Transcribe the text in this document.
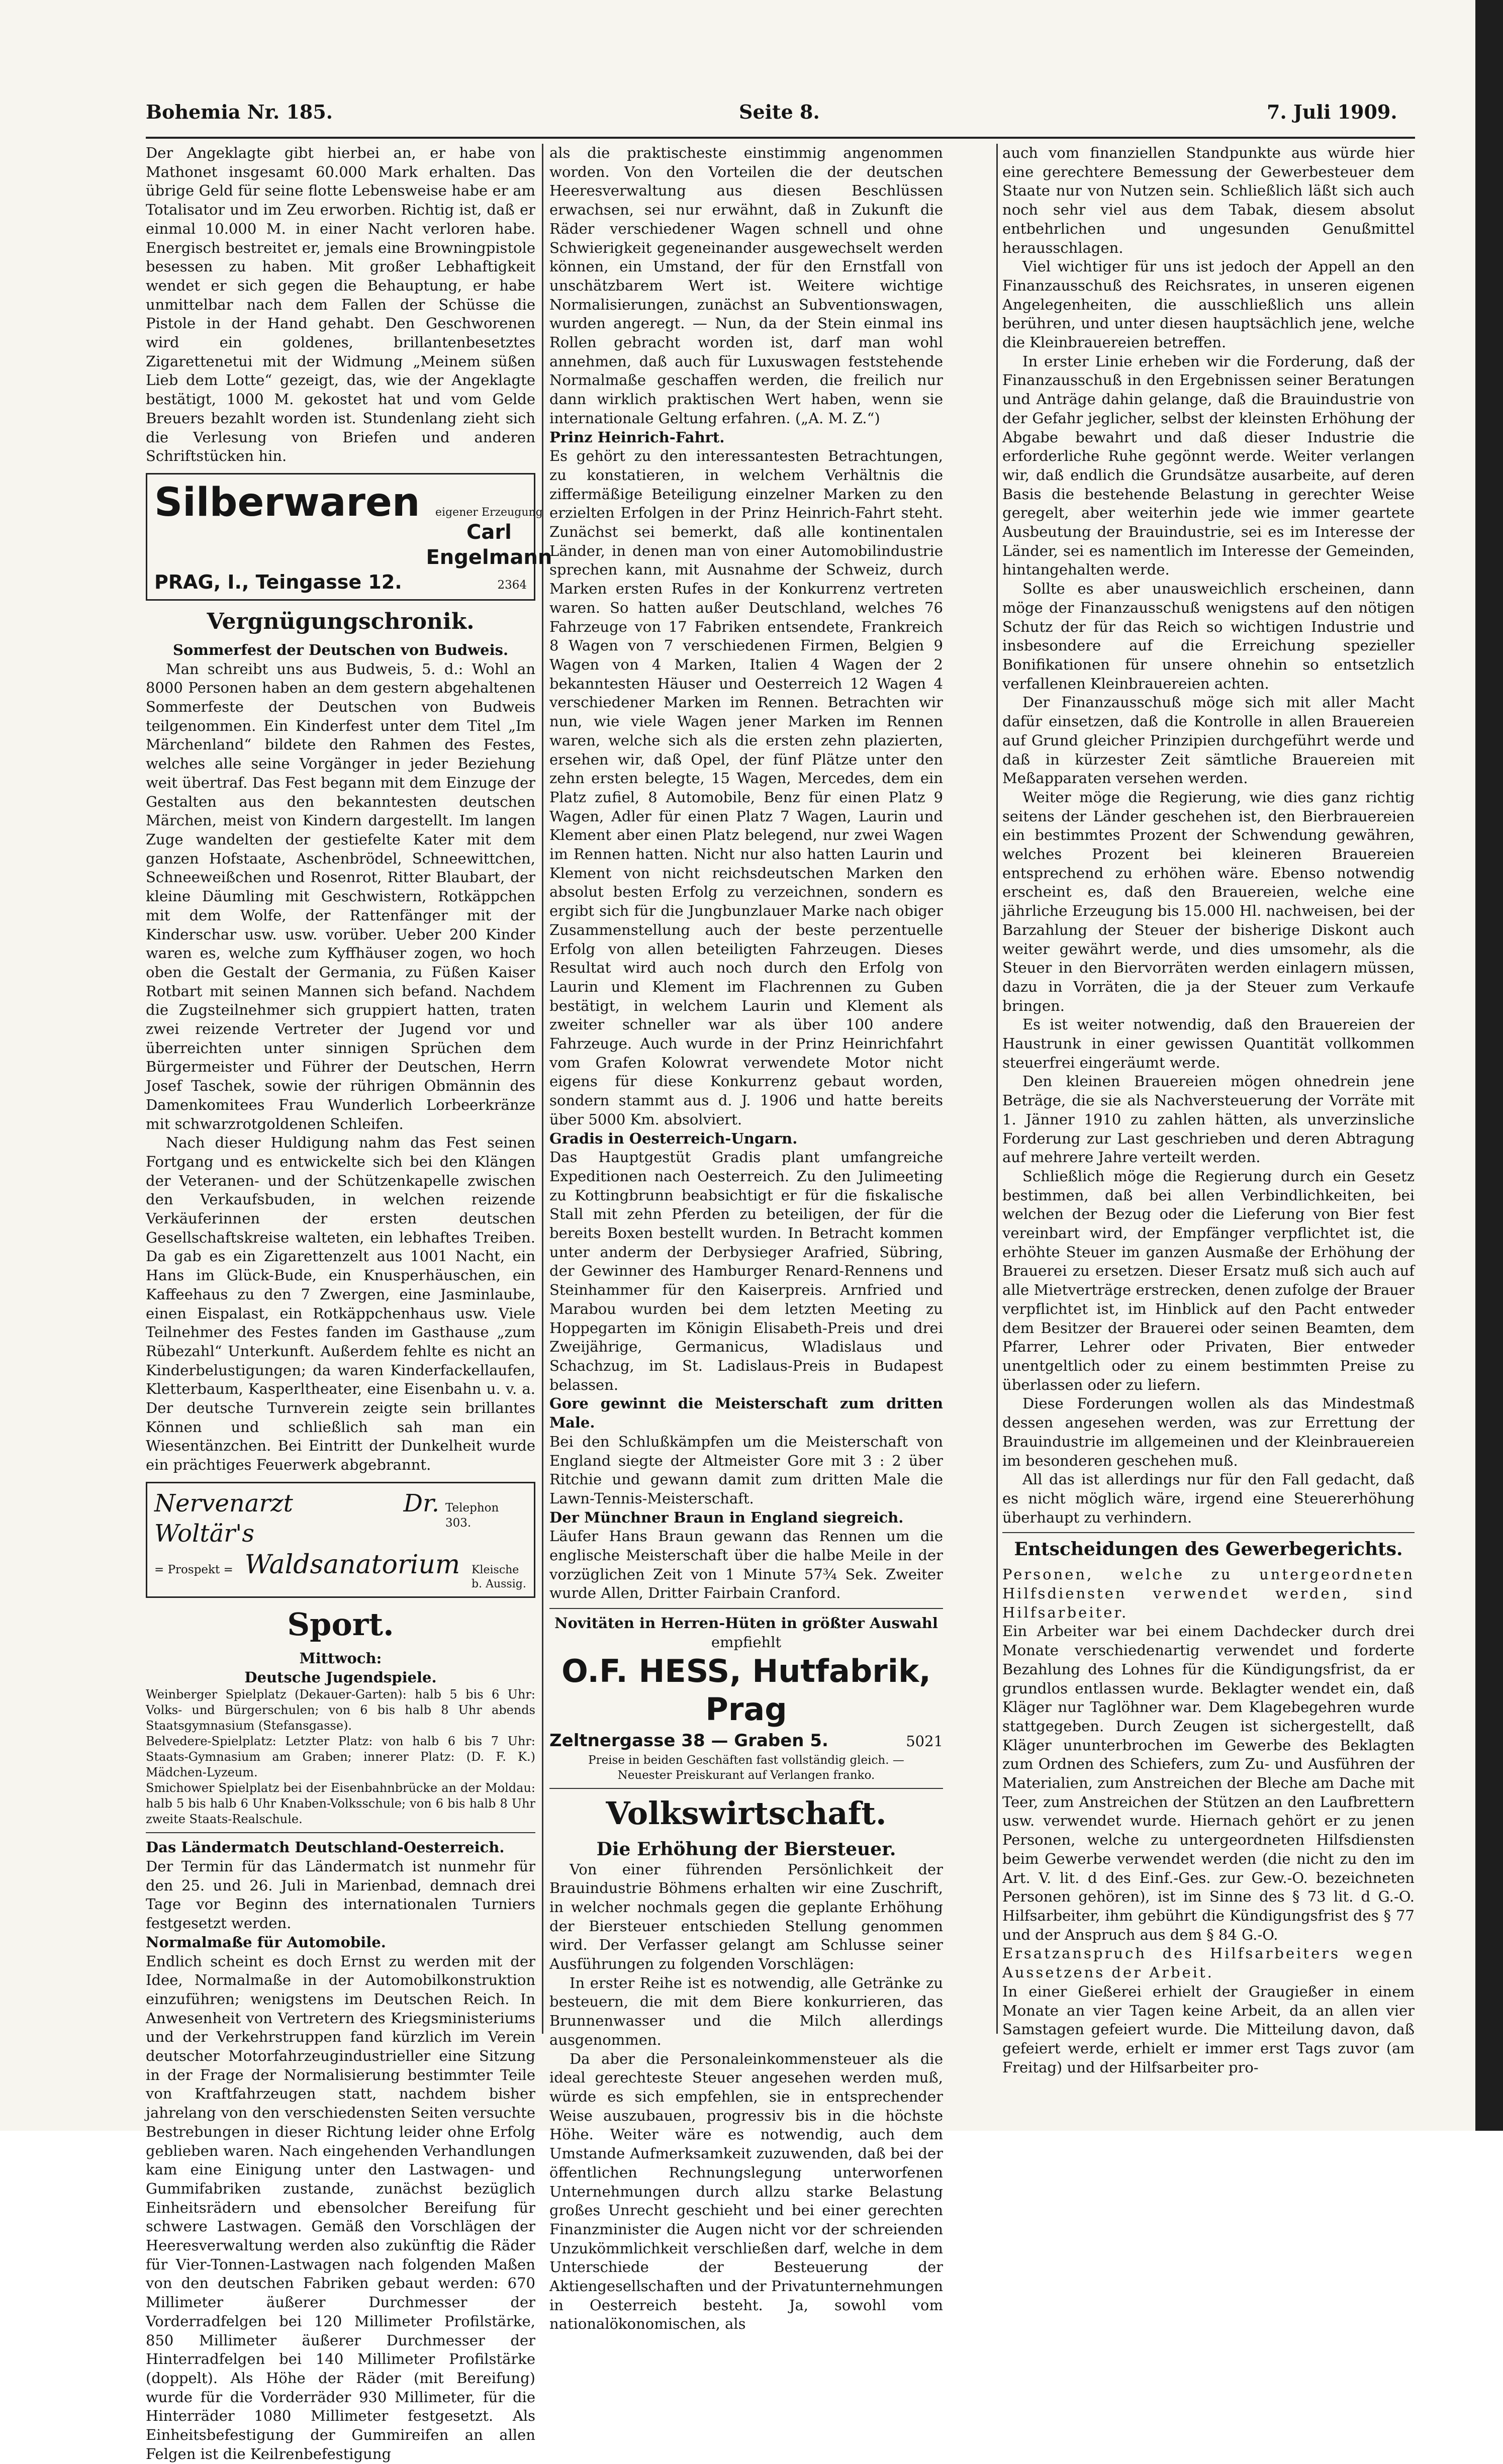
Bohemia Nr. 185.	Seite 8.	7. Juli 1909.

Der Angeklagte gibt hierbei an, er habe von Mathonet insgesamt 60.000 Mark erhalten. Das übrige Geld für seine flotte Lebensweise habe er am Totalisator und im Zeu erworben. Richtig ist, daß er einmal 10.000 M. in einer Nacht verloren habe. Energisch bestreitet er, jemals eine Browningpistole besessen zu haben. Mit großer Lebhaftigkeit wendet er sich gegen die Behauptung, er habe unmittelbar nach dem Fallen der Schüsse die Pistole in der Hand gehabt. Den Geschworenen wird ein goldenes, brillantenbesetztes Zigarettenetui mit der Widmung „Meinem süßen Lieb dem Lotte“ gezeigt, das, wie der Angeklagte bestätigt, 1000 M. gekostet hat und vom Gelde Breuers bezahlt worden ist. Stundenlang zieht sich die Verlesung von Briefen und anderen Schriftstücken hin.

Silberwaren	eigener Erzeugung
Carl Engelmann
PRAG, I., Teingasse 12.	2364

Vergnügungschronik.

Sommerfest der Deutschen von Budweis.

Man schreibt uns aus Budweis, 5. d.: Wohl an 8000 Personen haben an dem gestern abgehaltenen Sommerfeste der Deutschen von Budweis teilgenommen. Ein Kinderfest unter dem Titel „Im Märchenland“ bildete den Rahmen des Festes, welches alle seine Vorgänger in jeder Beziehung weit übertraf. Das Fest begann mit dem Einzuge der Gestalten aus den bekanntesten deutschen Märchen, meist von Kindern dargestellt. Im langen Zuge wandelten der gestiefelte Kater mit dem ganzen Hofstaate, Aschenbrödel, Schneewittchen, Schneeweißchen und Rosenrot, Ritter Blaubart, der kleine Däumling mit Geschwistern, Rotkäppchen mit dem Wolfe, der Rattenfänger mit der Kinderschar usw. usw. vorüber. Ueber 200 Kinder waren es, welche zum Kyffhäuser zogen, wo hoch oben die Gestalt der Germania, zu Füßen Kaiser Rotbart mit seinen Mannen sich befand. Nachdem die Zugsteilnehmer sich gruppiert hatten, traten zwei reizende Vertreter der Jugend vor und überreichten unter sinnigen Sprüchen dem Bürgermeister und Führer der Deutschen, Herrn Josef Taschek, sowie der rührigen Obmännin des Damenkomitees Frau Wunderlich Lorbeerkränze mit schwarzrotgoldenen Schleifen.

Nach dieser Huldigung nahm das Fest seinen Fortgang und es entwickelte sich bei den Klängen der Veteranen- und der Schützenkapelle zwischen den Verkaufsbuden, in welchen reizende Verkäuferinnen der ersten deutschen Gesellschaftskreise walteten, ein lebhaftes Treiben. Da gab es ein Zigarettenzelt aus 1001 Nacht, ein Hans im Glück-Bude, ein Knusperhäuschen, ein Kaffeehaus zu den 7 Zwergen, eine Jasminlaube, einen Eispalast, ein Rotkäppchenhaus usw. Viele Teilnehmer des Festes fanden im Gasthause „zum Rübezahl“ Unterkunft. Außerdem fehlte es nicht an Kinderbelustigungen; da waren Kinderfackellaufen, Kletterbaum, Kasperltheater, eine Eisenbahn u. v. a. Der deutsche Turnverein zeigte sein brillantes Können und schließlich sah man ein Wiesentänzchen. Bei Eintritt der Dunkelheit wurde ein prächtiges Feuerwerk abgebrannt.

Nervenarzt Dr. Woltär's
Telephon 303.
= Prospekt = Waldsanatorium Kleische b. Aussig.

Sport.

Mittwoch:

Deutsche Jugendspiele.

Weinberger Spielplatz (Dekauer-Garten): halb 5 bis 6 Uhr: Volks- und Bürgerschulen; von 6 bis halb 8 Uhr abends Staatsgymnasium (Stefansgasse).

Belvedere-Spielplatz: Letzter Platz: von halb 6 bis 7 Uhr: Staats-Gymnasium am Graben; innerer Platz: (D. F. K.) Mädchen-Lyzeum.

Smichower Spielplatz bei der Eisenbahnbrücke an der Moldau: halb 5 bis halb 6 Uhr Knaben-Volksschule; von 6 bis halb 8 Uhr zweite Staats-Realschule.

Das Ländermatch Deutschland-Oesterreich.

Der Termin für das Ländermatch ist nunmehr für den 25. und 26. Juli in Marienbad, demnach drei Tage vor Beginn des internationalen Turniers festgesetzt werden.

Normalmaße für Automobile.

Endlich scheint es doch Ernst zu werden mit der Idee, Normalmaße in der Automobilkonstruktion einzuführen; wenigstens im Deutschen Reich. In Anwesenheit von Vertretern des Kriegsministeriums und der Verkehrstruppen fand kürzlich im Verein deutscher Motorfahrzeugindustrieller eine Sitzung in der Frage der Normalisierung bestimmter Teile von Kraftfahrzeugen statt, nachdem bisher jahrelang von den verschiedensten Seiten versuchte Bestrebungen in dieser Richtung leider ohne Erfolg geblieben waren. Nach eingehenden Verhandlungen kam eine Einigung unter den Lastwagen- und Gummifabriken zustande, zunächst bezüglich Einheitsrädern und ebensolcher Bereifung für schwere Lastwagen. Gemäß den Vorschlägen der Heeresverwaltung werden also zukünftig die Räder für Vier-Tonnen-Lastwagen nach folgenden Maßen von den deutschen Fabriken gebaut werden: 670 Millimeter äußerer Durchmesser der Vorderradfelgen bei 120 Millimeter Profilstärke, 850 Millimeter äußerer Durchmesser der Hinterradfelgen bei 140 Millimeter Profilstärke (doppelt). Als Höhe der Räder (mit Bereifung) wurde für die Vorderräder 930 Millimeter, für die Hinterräder 1080 Millimeter festgesetzt. Als Einheitsbefestigung der Gummireifen an allen Felgen ist die Keilrenbefestigung

als die praktischeste einstimmig angenommen worden. Von den Vorteilen die der deutschen Heeresverwaltung aus diesen Beschlüssen erwachsen, sei nur erwähnt, daß in Zukunft die Räder verschiedener Wagen schnell und ohne Schwierigkeit gegeneinander ausgewechselt werden können, ein Umstand, der für den Ernstfall von unschätzbarem Wert ist. Weitere wichtige Normalisierungen, zunächst an Subventionswagen, wurden angeregt. — Nun, da der Stein einmal ins Rollen gebracht worden ist, darf man wohl annehmen, daß auch für Luxuswagen feststehende Normalmaße geschaffen werden, die freilich nur dann wirklich praktischen Wert haben, wenn sie internationale Geltung erfahren. („A. M. Z.“)

Prinz Heinrich-Fahrt.

Es gehört zu den interessantesten Betrachtungen, zu konstatieren, in welchem Verhältnis die ziffermäßige Beteiligung einzelner Marken zu den erzielten Erfolgen in der Prinz Heinrich-Fahrt steht. Zunächst sei bemerkt, daß alle kontinentalen Länder, in denen man von einer Automobilindustrie sprechen kann, mit Ausnahme der Schweiz, durch Marken ersten Rufes in der Konkurrenz vertreten waren. So hatten außer Deutschland, welches 76 Fahrzeuge von 17 Fabriken entsendete, Frankreich 8 Wagen von 7 verschiedenen Firmen, Belgien 9 Wagen von 4 Marken, Italien 4 Wagen der 2 bekanntesten Häuser und Oesterreich 12 Wagen 4 verschiedener Marken im Rennen. Betrachten wir nun, wie viele Wagen jener Marken im Rennen waren, welche sich als die ersten zehn plazierten, ersehen wir, daß Opel, der fünf Plätze unter den zehn ersten belegte, 15 Wagen, Mercedes, dem ein Platz zufiel, 8 Automobile, Benz für einen Platz 9 Wagen, Adler für einen Platz 7 Wagen, Laurin und Klement aber einen Platz belegend, nur zwei Wagen im Rennen hatten. Nicht nur also hatten Laurin und Klement von nicht reichsdeutschen Marken den absolut besten Erfolg zu verzeichnen, sondern es ergibt sich für die Jungbunzlauer Marke nach obiger Zusammenstellung auch der beste perzentuelle Erfolg von allen beteiligten Fahrzeugen. Dieses Resultat wird auch noch durch den Erfolg von Laurin und Klement im Flachrennen zu Guben bestätigt, in welchem Laurin und Klement als zweiter schneller war als über 100 andere Fahrzeuge. Auch wurde in der Prinz Heinrichfahrt vom Grafen Kolowrat verwendete Motor nicht eigens für diese Konkurrenz gebaut worden, sondern stammt aus d. J. 1906 und hatte bereits über 5000 Km. absolviert.

Gradis in Oesterreich-Ungarn.

Das Hauptgestüt Gradis plant umfangreiche Expeditionen nach Oesterreich. Zu den Julimeeting zu Kottingbrunn beabsichtigt er für die fiskalische Stall mit zehn Pferden zu beteiligen, der für die bereits Boxen bestellt wurden. In Betracht kommen unter anderm der Derbysieger Arafried, Sübring, der Gewinner des Hamburger Renard-Rennens und Steinhammer für den Kaiserpreis. Arnfried und Marabou wurden bei dem letzten Meeting zu Hoppegarten im Königin Elisabeth-Preis und drei Zweijährige, Germanicus, Wladislaus und Schachzug, im St. Ladislaus-Preis in Budapest belassen.

Gore gewinnt die Meisterschaft zum dritten Male.

Bei den Schlußkämpfen um die Meisterschaft von England siegte der Altmeister Gore mit 3 : 2 über Ritchie und gewann damit zum dritten Male die Lawn-Tennis-Meisterschaft.

Der Münchner Braun in England siegreich.

Läufer Hans Braun gewann das Rennen um die englische Meisterschaft über die halbe Meile in der vorzüglichen Zeit von 1 Minute 57¾ Sek. Zweiter wurde Allen, Dritter Fairbain Cranford.

Novitäten in Herren-Hüten in größter Auswahl

empfiehlt

O.F. HESS, Hutfabrik, Prag

Zeltnergasse 38 — Graben 5.	5021

Preise in beiden Geschäften fast vollständig gleich. —

Neuester Preiskurant auf Verlangen franko.

Volkswirtschaft.

Die Erhöhung der Biersteuer.

Von einer führenden Persönlichkeit der Brauindustrie Böhmens erhalten wir eine Zuschrift, in welcher nochmals gegen die geplante Erhöhung der Biersteuer entschieden Stellung genommen wird. Der Verfasser gelangt am Schlusse seiner Ausführungen zu folgenden Vorschlägen:

In erster Reihe ist es notwendig, alle Getränke zu besteuern, die mit dem Biere konkurrieren, das Brunnenwasser und die Milch allerdings ausgenommen.

Da aber die Personaleinkommensteuer als die ideal gerechteste Steuer angesehen werden muß, würde es sich empfehlen, sie in entsprechender Weise auszubauen, progressiv bis in die höchste Höhe. Weiter wäre es notwendig, auch dem Umstande Aufmerksamkeit zuzuwenden, daß bei der öffentlichen Rechnungslegung unterworfenen Unternehmungen durch allzu starke Belastung großes Unrecht geschieht und bei einer gerechten Finanzminister die Augen nicht vor der schreienden Unzukömmlichkeit verschließen darf, welche in dem Unterschiede der Besteuerung der Aktiengesellschaften und der Privatunternehmungen in Oesterreich besteht. Ja, sowohl vom nationalökonomischen, als

auch vom finanziellen Standpunkte aus würde hier eine gerechtere Bemessung der Gewerbesteuer dem Staate nur von Nutzen sein. Schließlich läßt sich auch noch sehr viel aus dem Tabak, diesem absolut entbehrlichen und ungesunden Genußmittel herausschlagen.

Viel wichtiger für uns ist jedoch der Appell an den Finanzausschuß des Reichsrates, in unseren eigenen Angelegenheiten, die ausschließlich uns allein berühren, und unter diesen hauptsächlich jene, welche die Kleinbrauereien betreffen.

In erster Linie erheben wir die Forderung, daß der Finanzausschuß in den Ergebnissen seiner Beratungen und Anträge dahin gelange, daß die Brauindustrie von der Gefahr jeglicher, selbst der kleinsten Erhöhung der Abgabe bewahrt und daß dieser Industrie die erforderliche Ruhe gegönnt werde. Weiter verlangen wir, daß endlich die Grundsätze ausarbeite, auf deren Basis die bestehende Belastung in gerechter Weise geregelt, aber weiterhin jede wie immer geartete Ausbeutung der Brauindustrie, sei es im Interesse der Länder, sei es namentlich im Interesse der Gemeinden, hintangehalten werde.

Sollte es aber unausweichlich erscheinen, dann möge der Finanzausschuß wenigstens auf den nötigen Schutz der für das Reich so wichtigen Industrie und insbesondere auf die Erreichung spezieller Bonifikationen für unsere ohnehin so entsetzlich verfallenen Kleinbrauereien achten.

Der Finanzausschuß möge sich mit aller Macht dafür einsetzen, daß die Kontrolle in allen Brauereien auf Grund gleicher Prinzipien durchgeführt werde und daß in kürzester Zeit sämtliche Brauereien mit Meßapparaten versehen werden.

Weiter möge die Regierung, wie dies ganz richtig seitens der Länder geschehen ist, den Bierbrauereien ein bestimmtes Prozent der Schwendung gewähren, welches Prozent bei kleineren Brauereien entsprechend zu erhöhen wäre. Ebenso notwendig erscheint es, daß den Brauereien, welche eine jährliche Erzeugung bis 15.000 Hl. nachweisen, bei der Barzahlung der Steuer der bisherige Diskont auch weiter gewährt werde, und dies umsomehr, als die Steuer in den Biervorräten werden einlagern müssen, dazu in Vorräten, die ja der Steuer zum Verkaufe bringen.

Es ist weiter notwendig, daß den Brauereien der Haustrunk in einer gewissen Quantität vollkommen steuerfrei eingeräumt werde.

Den kleinen Brauereien mögen ohnedrein jene Beträge, die sie als Nachversteuerung der Vorräte mit 1. Jänner 1910 zu zahlen hätten, als unverzinsliche Forderung zur Last geschrieben und deren Abtragung auf mehrere Jahre verteilt werden.

Schließlich möge die Regierung durch ein Gesetz bestimmen, daß bei allen Verbindlichkeiten, bei welchen der Bezug oder die Lieferung von Bier fest vereinbart wird, der Empfänger verpflichtet ist, die erhöhte Steuer im ganzen Ausmaße der Erhöhung der Brauerei zu ersetzen. Dieser Ersatz muß sich auch auf alle Mietverträge erstrecken, denen zufolge der Brauer verpflichtet ist, im Hinblick auf den Pacht entweder dem Besitzer der Brauerei oder seinen Beamten, dem Pfarrer, Lehrer oder Privaten, Bier entweder unentgeltlich oder zu einem bestimmten Preise zu überlassen oder zu liefern.

Diese Forderungen wollen als das Mindestmaß dessen angesehen werden, was zur Errettung der Brauindustrie im allgemeinen und der Kleinbrauereien im besonderen geschehen muß.

All das ist allerdings nur für den Fall gedacht, daß es nicht möglich wäre, irgend eine Steuererhöhung überhaupt zu verhindern.

Entscheidungen des Gewerbegerichts.

Personen, welche zu untergeordneten Hilfsdiensten verwendet werden, sind Hilfsarbeiter.

Ein Arbeiter war bei einem Dachdecker durch drei Monate verschiedenartig verwendet und forderte Bezahlung des Lohnes für die Kündigungsfrist, da er grundlos entlassen wurde. Beklagter wendet ein, daß Kläger nur Taglöhner war. Dem Klagebegehren wurde stattgegeben. Durch Zeugen ist sichergestellt, daß Kläger ununterbrochen im Gewerbe des Beklagten zum Ordnen des Schiefers, zum Zu- und Ausführen der Materialien, zum Anstreichen der Bleche am Dache mit Teer, zum Anstreichen der Stützen an den Laufbrettern usw. verwendet wurde. Hiernach gehört er zu jenen Personen, welche zu untergeordneten Hilfsdiensten beim Gewerbe verwendet werden (die nicht zu den im Art. V. lit. d des Einf.-Ges. zur Gew.-O. bezeichneten Personen gehören), ist im Sinne des § 73 lit. d G.-O. Hilfsarbeiter, ihm gebührt die Kündigungsfrist des § 77 und der Anspruch aus dem § 84 G.-O.

Ersatzanspruch des Hilfsarbeiters wegen Aussetzens der Arbeit.

In einer Gießerei erhielt der Graugießer in einem Monate an vier Tagen keine Arbeit, da an allen vier Samstagen gefeiert wurde. Die Mitteilung davon, daß gefeiert werde, erhielt er immer erst Tags zuvor (am Freitag) und der Hilfsarbeiter pro-
